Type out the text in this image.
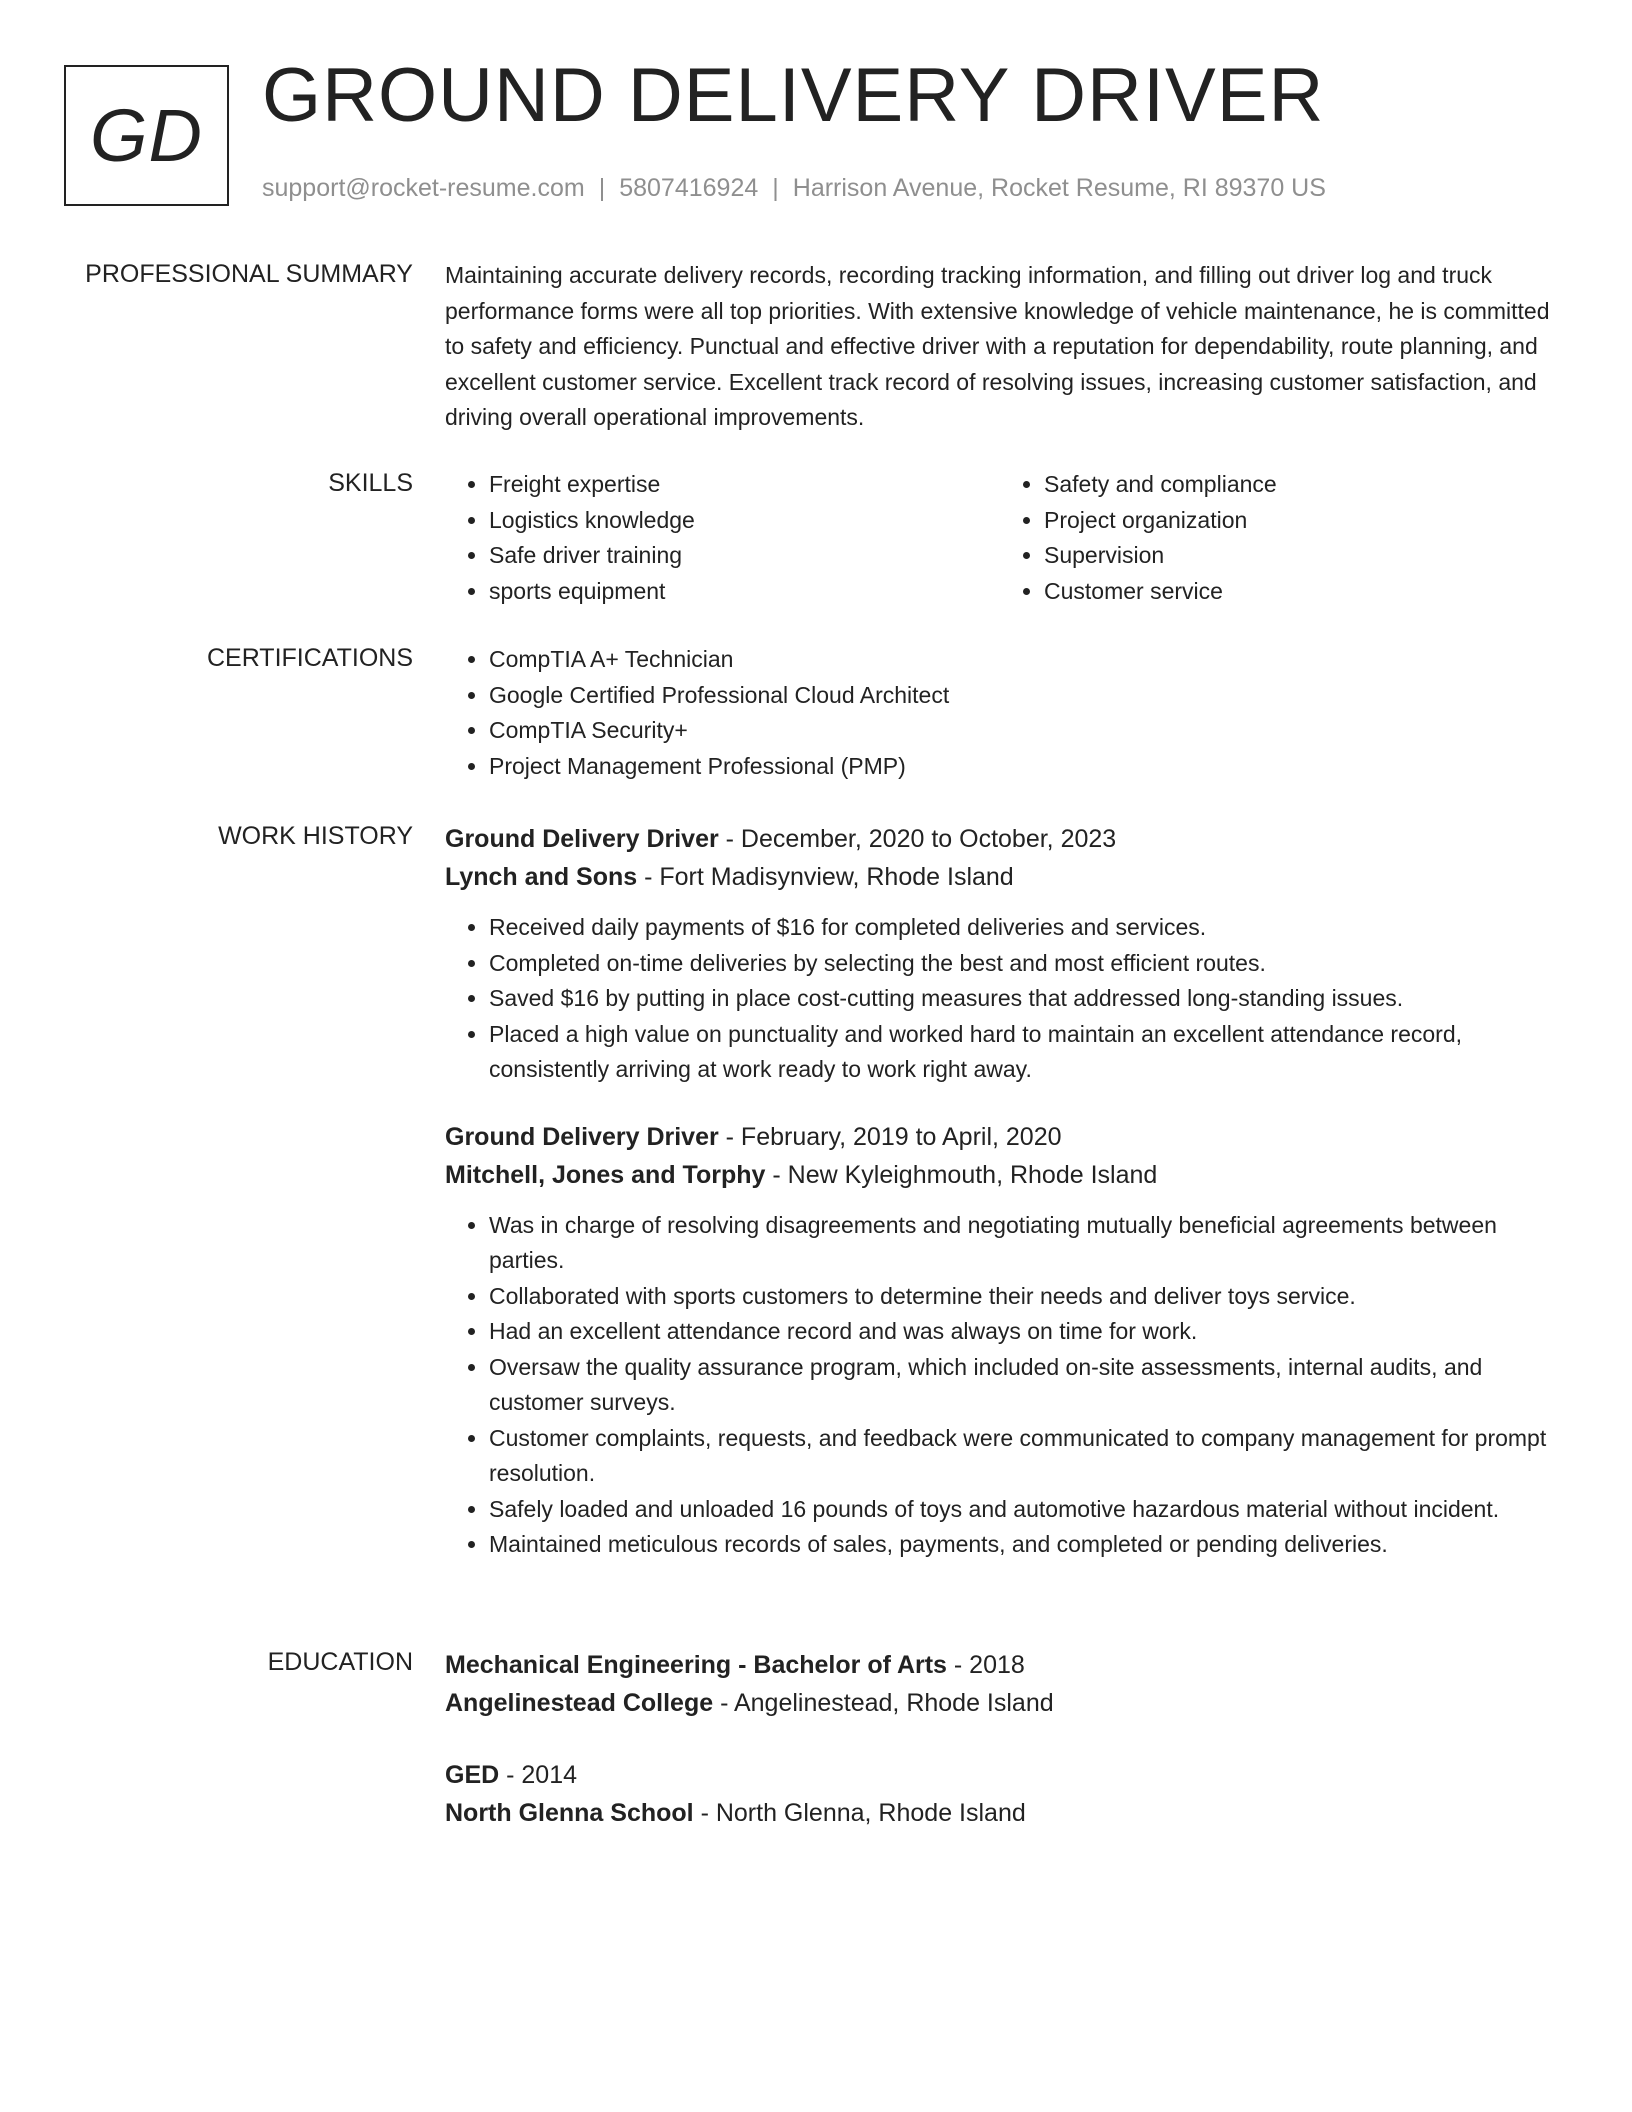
GD GROUND DELIVERY DRIVER
support@rocket-resume.com | 5807416924 | Harrison Avenue, Rocket Resume, RI 89370 US
PROFESSIONAL SUMMARY Maintaining accurate delivery records, recording tracking information, and filling out driver log and truck performance forms were all top priorities. With extensive knowledge of vehicle maintenance, he is committed to safety and efficiency. Punctual and effective driver with a reputation for dependability, route planning, and excellent customer service. Excellent track record of resolving issues, increasing customer satisfaction, and driving overall operational improvements.

SKILLS	• Freight expertise
• Logistics knowledge
• Safe driver training
• sports equipment
• Safety and compliance
• Project organization
• Supervision
• Customer service
CERTIFICATIONS	• CompTIA A+ Technician
• Google Certified Professional Cloud Architect
• CompTIA Security+
• Project Management Professional (PMP)
WORK HISTORY Ground Delivery Driver - December, 2020 to October, 2023
Lynch and Sons - Fort Madisynview, Rhode Island
• Received daily payments of $16 for completed deliveries and services.
• Completed on-time deliveries by selecting the best and most efficient routes.
• Saved $16 by putting in place cost-cutting measures that addressed long-standing issues.
• Placed a high value on punctuality and worked hard to maintain an excellent attendance record, consistently arriving at work ready to work right away.
Ground Delivery Driver - February, 2019 to April, 2020
Mitchell, Jones and Torphy - New Kyleighmouth, Rhode Island
• Was in charge of resolving disagreements and negotiating mutually beneficial agreements between parties.
• Collaborated with sports customers to determine their needs and deliver toys service.
• Had an excellent attendance record and was always on time for work.
• Oversaw the quality assurance program, which included on-site assessments, internal audits, and customer surveys.
• Customer complaints, requests, and feedback were communicated to company management for prompt resolution.
• Safely loaded and unloaded 16 pounds of toys and automotive hazardous material without incident.
• Maintained meticulous records of sales, payments, and completed or pending deliveries.
EDUCATION Mechanical Engineering - Bachelor of Arts - 2018
Angelinestead College - Angelinestead, Rhode Island
GED - 2014
North Glenna School - North Glenna, Rhode Island
